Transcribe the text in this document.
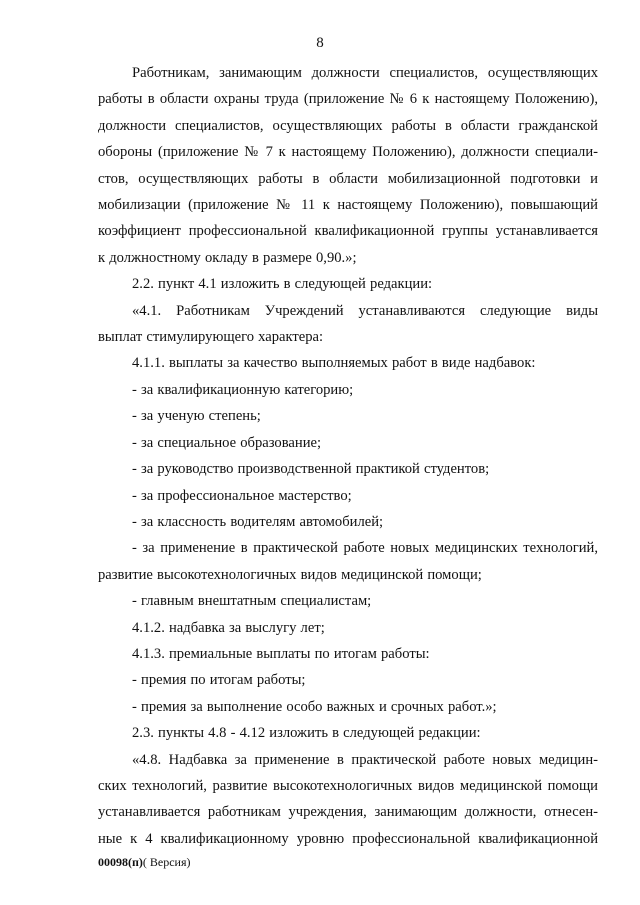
8
Работникам, занимающим должности специалистов, осуществляющих
работы в области охраны труда (приложение № 6 к настоящему Положению),
должности специалистов, осуществляющих работы в области гражданской
обороны (приложение № 7 к настоящему Положению), должности специали-
стов, осуществляющих работы в области мобилизационной подготовки и
мобилизации (приложение № 11 к настоящему Положению), повышающий
коэффициент профессиональной квалификационной группы устанавливается
к должностному окладу в размере 0,90.»;
2.2. пункт 4.1 изложить в следующей редакции:
«4.1. Работникам Учреждений устанавливаются следующие виды
выплат стимулирующего характера:
4.1.1. выплаты за качество выполняемых работ в виде надбавок:
- за квалификационную категорию;
- за ученую степень;
- за специальное образование;
- за руководство производственной практикой студентов;
- за профессиональное мастерство;
- за классность водителям автомобилей;
- за применение в практической работе новых медицинских технологий,
развитие высокотехнологичных видов медицинской помощи;
- главным внештатным специалистам;
4.1.2. надбавка за выслугу лет;
4.1.3. премиальные выплаты по итогам работы:
- премия по итогам работы;
- премия за выполнение особо важных и срочных работ.»;
2.3. пункты 4.8 - 4.12 изложить в следующей редакции:
«4.8. Надбавка за применение в практической работе новых медицин-
ских технологий, развитие высокотехнологичных видов медицинской помощи
устанавливается работникам учреждения, занимающим должности, отнесен-
ные к 4 квалификационному уровню профессиональной квалификационной
00098(п)( Версия)
